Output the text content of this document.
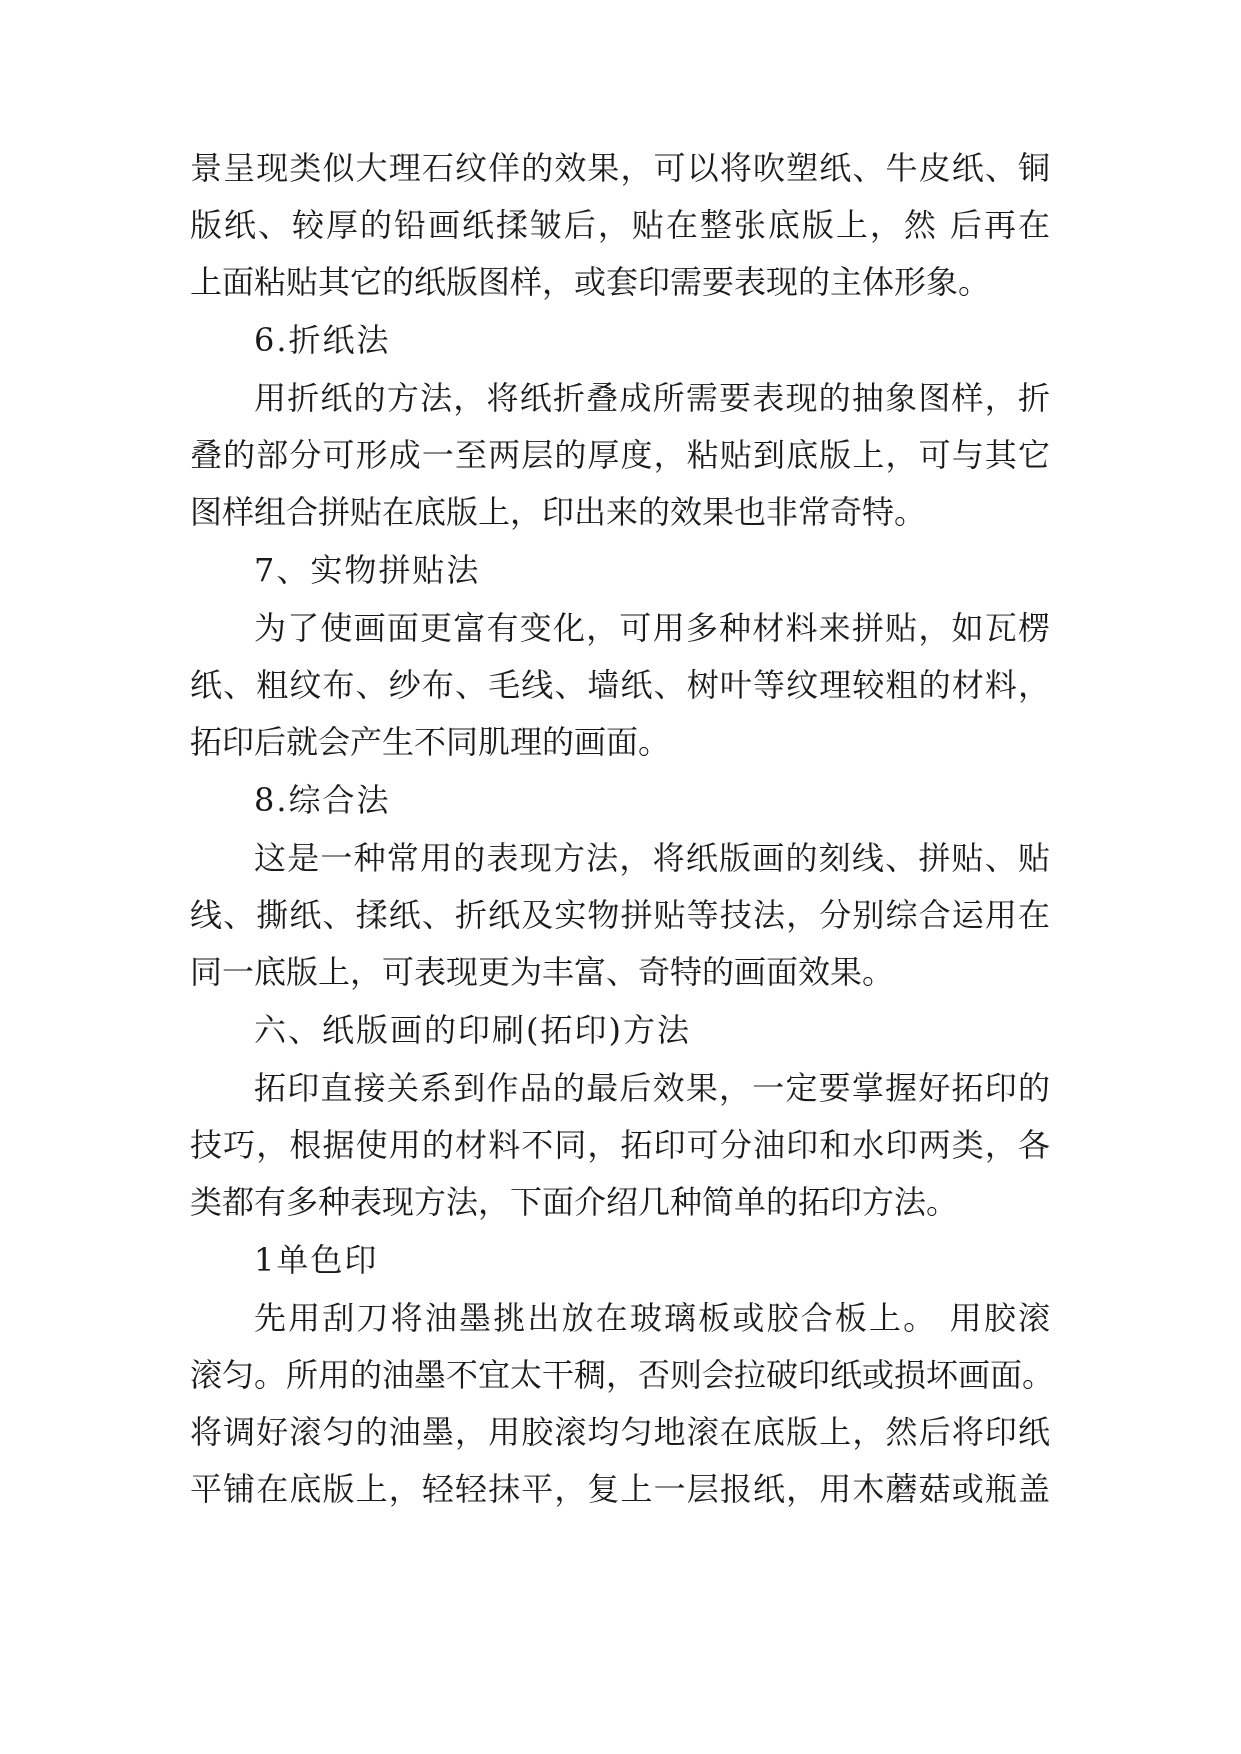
景呈现类似大理石纹佯的效果，可以将吹塑纸、牛皮纸、铜
版纸、较厚的铅画纸揉皱后，贴在整张底版上，然 后再在
上面粘贴其它的纸版图样，或套印需要表现的主体形象。
6.折纸法
用折纸的方法，将纸折叠成所需要表现的抽象图样，折
叠的部分可形成一至两层的厚度，粘贴到底版上，可与其它
图样组合拼贴在底版上，印出来的效果也非常奇特。
7、实物拼贴法
为了使画面更富有变化，可用多种材料来拼贴，如瓦楞
纸、粗纹布、纱布、毛线、墙纸、树叶等纹理较粗的材料，
拓印后就会产生不同肌理的画面。
8.综合法
这是一种常用的表现方法，将纸版画的刻线、拼贴、贴
线、撕纸、揉纸、折纸及实物拼贴等技法，分别综合运用在
同一底版上，可表现更为丰富、奇特的画面效果。
六、纸版画的印刷(拓印)方法
拓印直接关系到作品的最后效果，一定要掌握好拓印的
技巧，根据使用的材料不同，拓印可分油印和水印两类，各
类都有多种表现方法，下面介绍几种简单的拓印方法。
1单色印
先用刮刀将油墨挑出放在玻璃板或胶合板上。 用胶滚
滚匀。所用的油墨不宜太干稠，否则会拉破印纸或损坏画面。
将调好滚匀的油墨，用胶滚均匀地滚在底版上，然后将印纸
平铺在底版上，轻轻抹平，复上一层报纸，用木蘑菇或瓶盖
